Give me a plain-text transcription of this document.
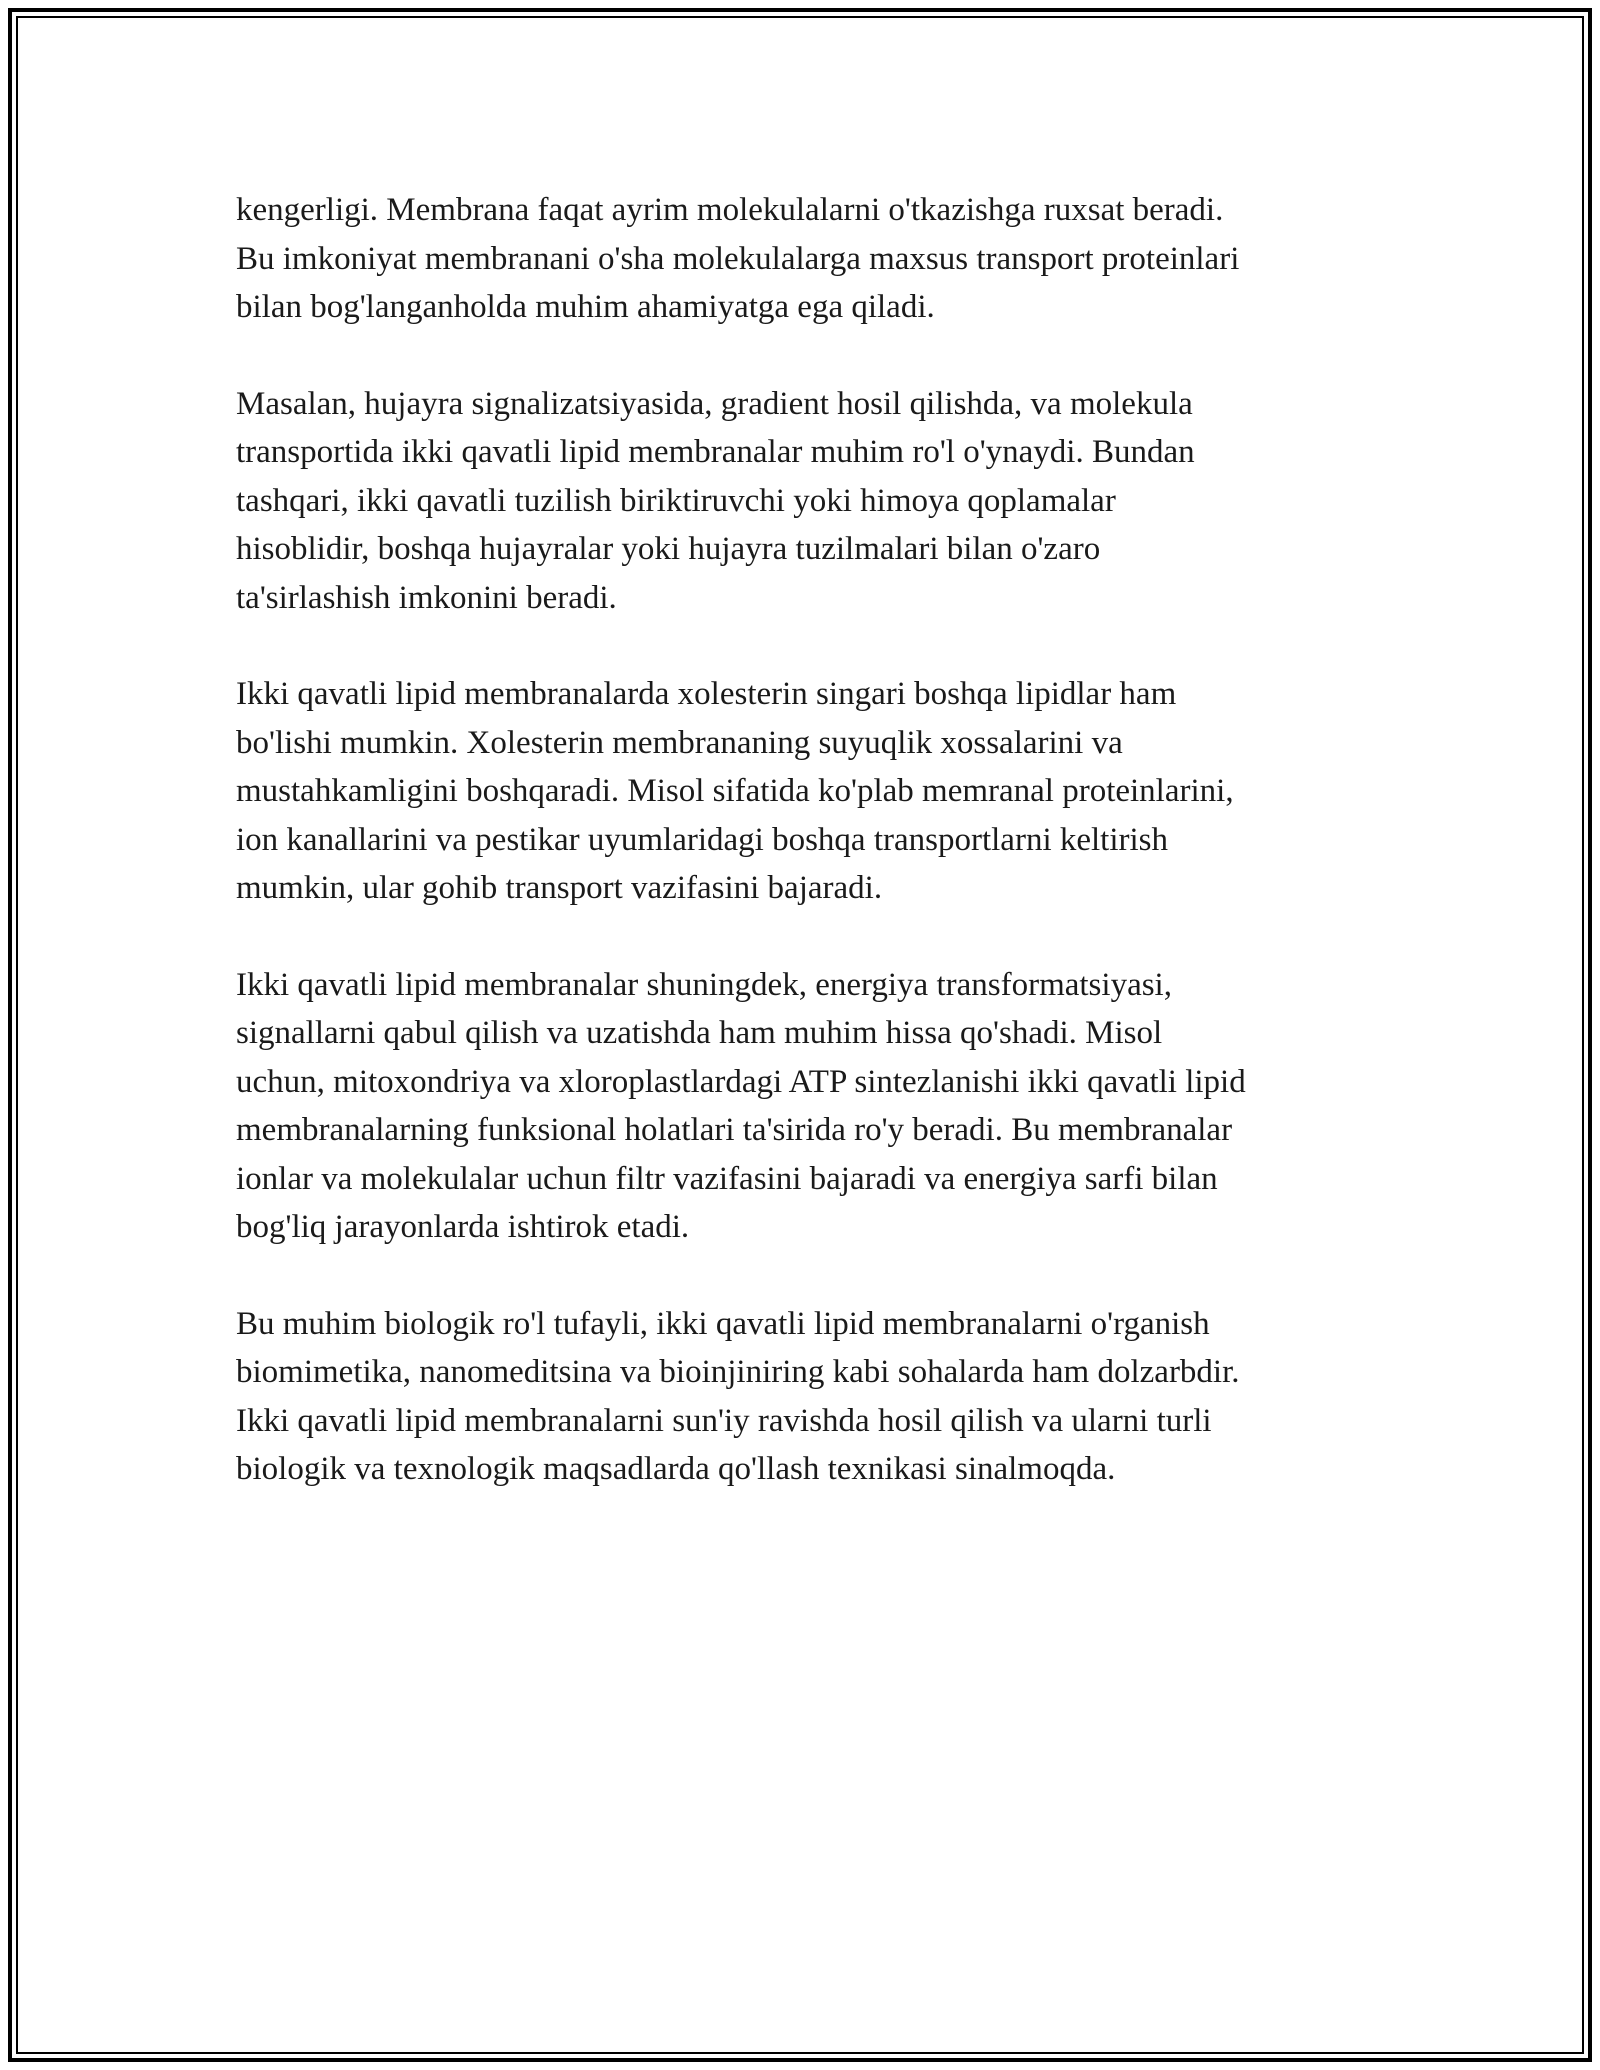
kengerligi. Membrana faqat ayrim molekulalarni o'tkazishga ruxsat beradi.
Bu imkoniyat membranani o'sha molekulalarga maxsus transport proteinlari
bilan bog'langanholda muhim ahamiyatga ega qiladi.

Masalan, hujayra signalizatsiyasida, gradient hosil qilishda, va molekula
transportida ikki qavatli lipid membranalar muhim ro'l o'ynaydi. Bundan
tashqari, ikki qavatli tuzilish biriktiruvchi yoki himoya qoplamalar
hisoblidir, boshqa hujayralar yoki hujayra tuzilmalari bilan o'zaro
ta'sirlashish imkonini beradi.

Ikki qavatli lipid membranalarda xolesterin singari boshqa lipidlar ham
bo'lishi mumkin. Xolesterin membrananing suyuqlik xossalarini va
mustahkamligini boshqaradi. Misol sifatida ko'plab memranal proteinlarini,
ion kanallarini va pestikar uyumlaridagi boshqa transportlarni keltirish
mumkin, ular gohib transport vazifasini bajaradi.

Ikki qavatli lipid membranalar shuningdek, energiya transformatsiyasi,
signallarni qabul qilish va uzatishda ham muhim hissa qo'shadi. Misol
uchun, mitoxondriya va xloroplastlardagi ATP sintezlanishi ikki qavatli lipid
membranalarning funksional holatlari ta'sirida ro'y beradi. Bu membranalar
ionlar va molekulalar uchun filtr vazifasini bajaradi va energiya sarfi bilan
bog'liq jarayonlarda ishtirok etadi.

Bu muhim biologik ro'l tufayli, ikki qavatli lipid membranalarni o'rganish
biomimetika, nanomeditsina va bioinjiniring kabi sohalarda ham dolzarbdir.
Ikki qavatli lipid membranalarni sun'iy ravishda hosil qilish va ularni turli
biologik va texnologik maqsadlarda qo'llash texnikasi sinalmoqda.
